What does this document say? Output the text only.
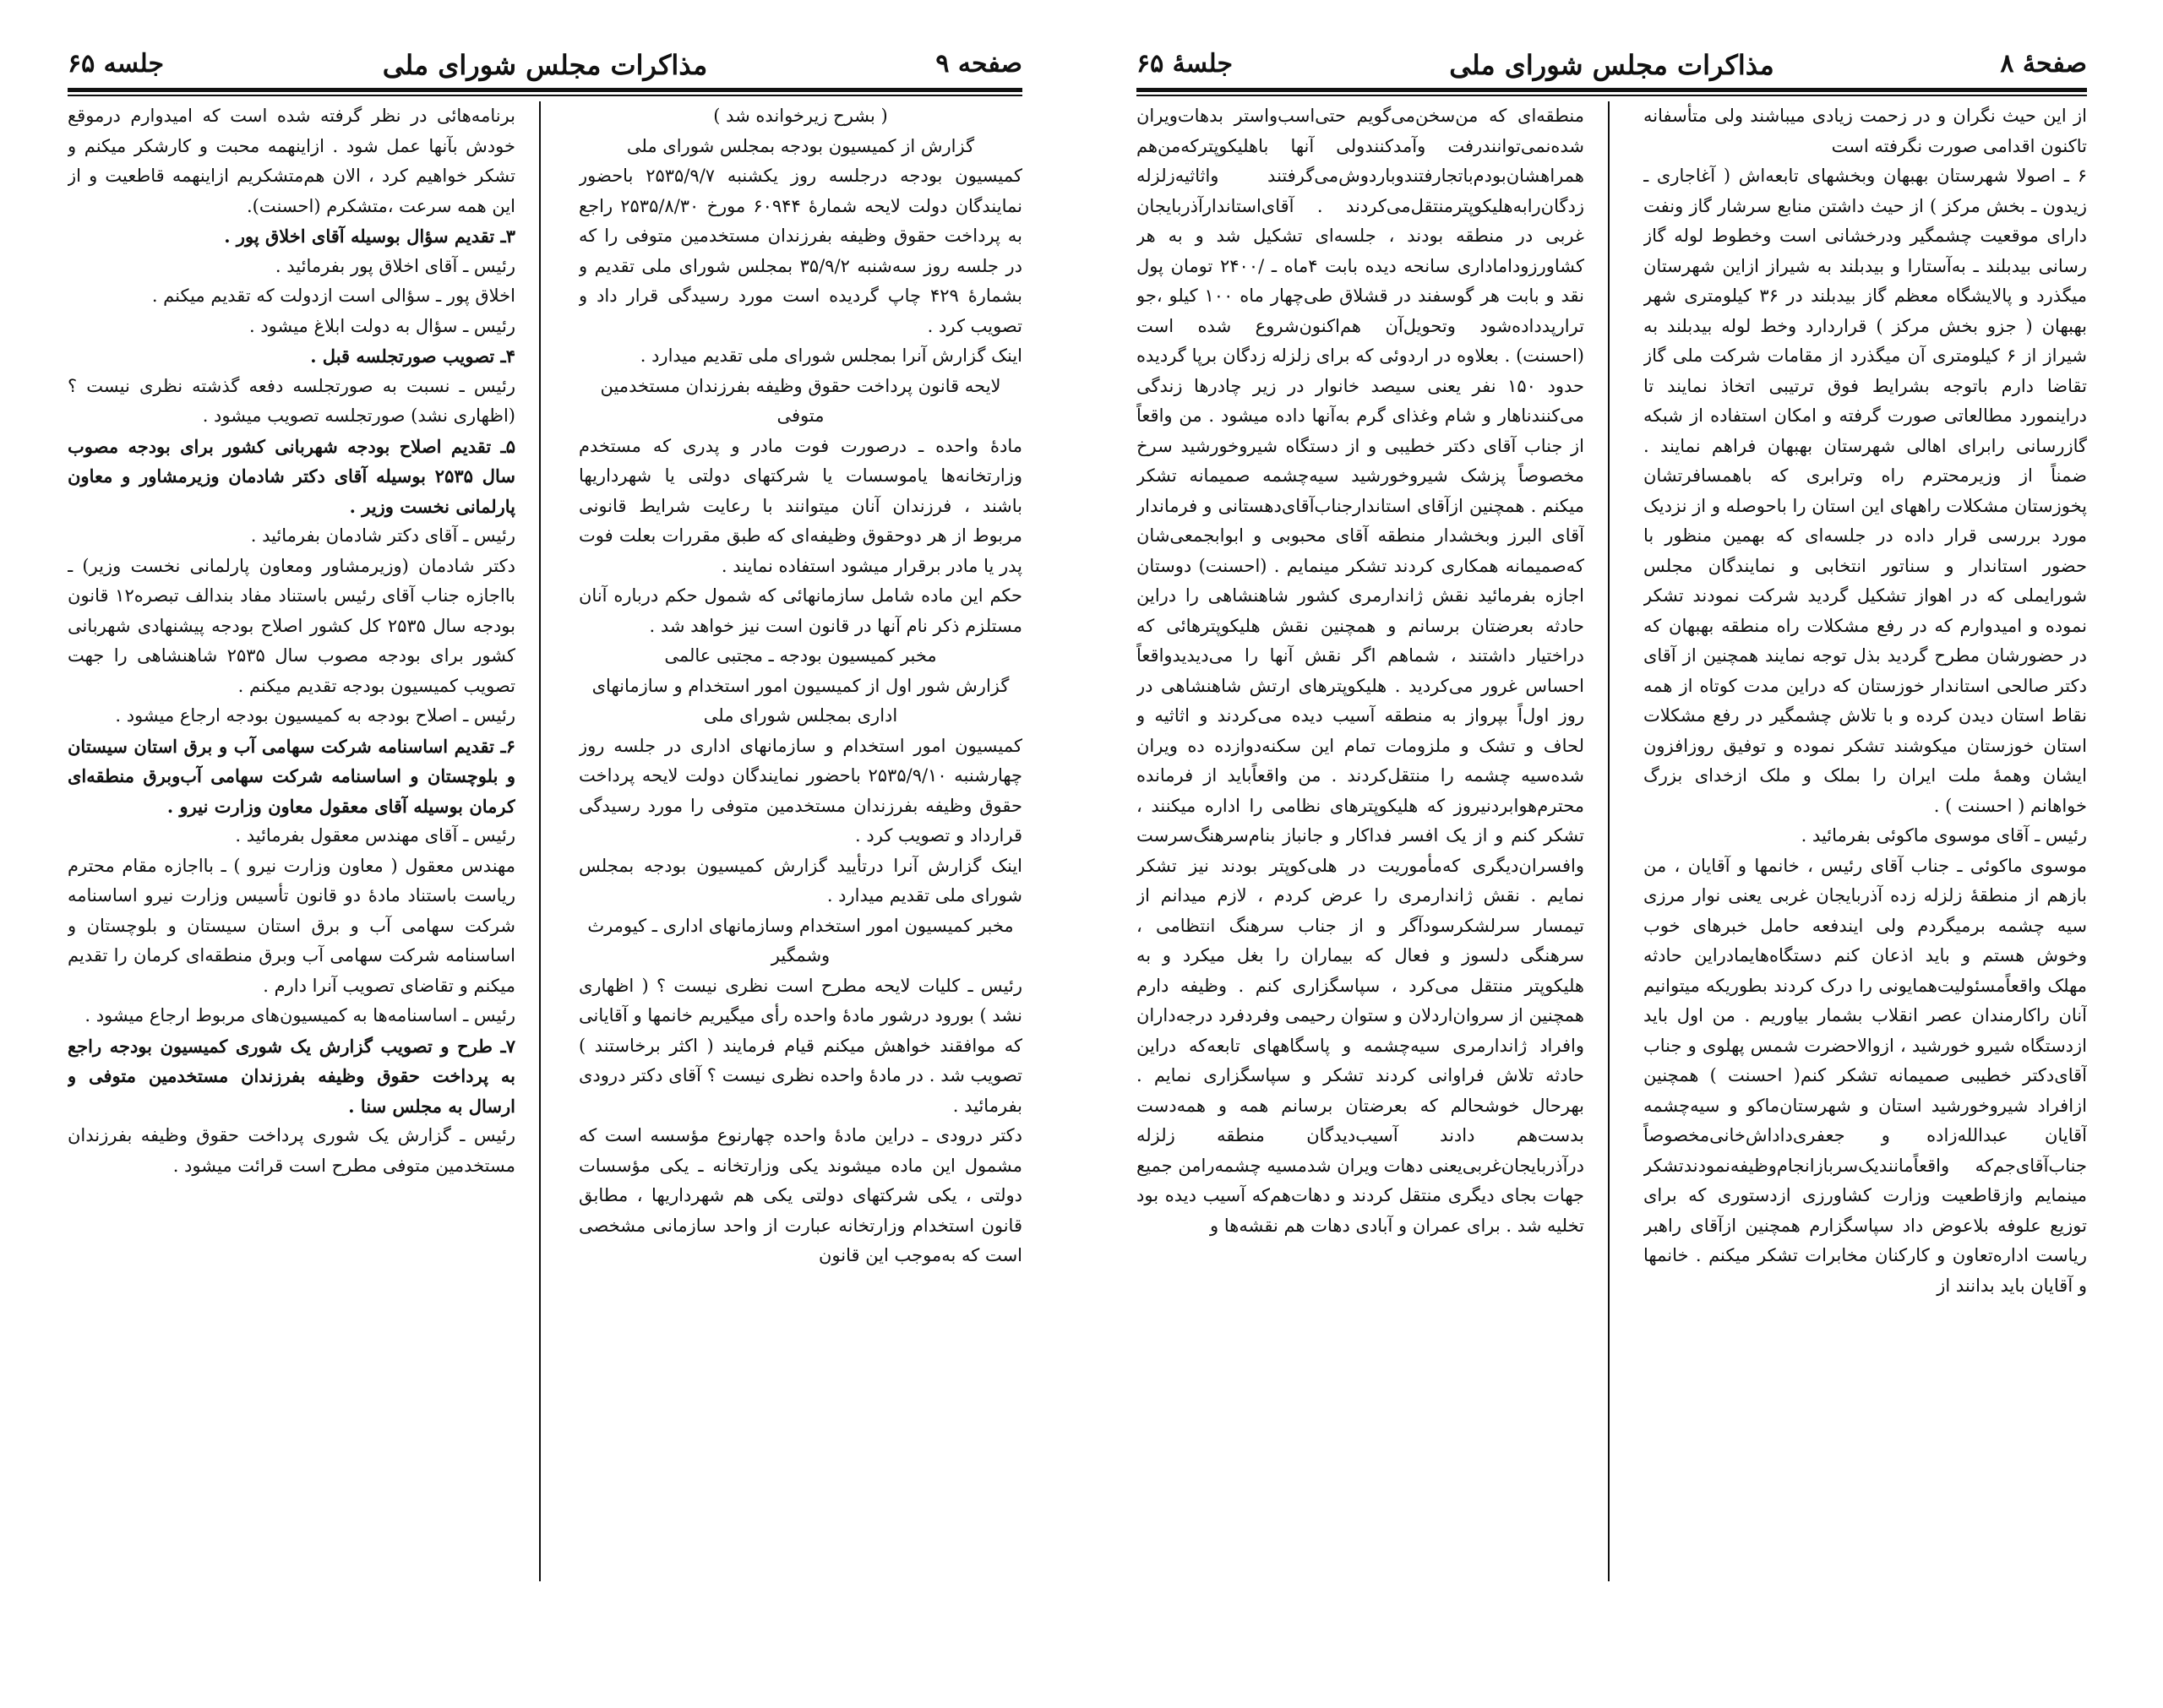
صفحه ۹
مذاکرات مجلس شورای ملی
جلسه ۶۵

( بشرح زیرخوانده شد )

گزارش از کمیسیون بودجه بمجلس شورای ملی

کمیسیون بودجه درجلسه روز یکشنبه ۲۵۳۵/۹/۷ باحضور نمایندگان دولت لایحه شمارهٔ ۶۰۹۴۴ مورخ ۲۵۳۵/۸/۳۰ راجع به پرداخت حقوق وظیفه بفرزندان مستخدمین متوفی را که در جلسه روز سه‌شنبه ۳۵/۹/۲ بمجلس شورای ملی تقدیم و بشمارهٔ ۴۲۹ چاپ گردیده است مورد رسیدگی قرار داد و تصویب کرد .

اینک گزارش آنرا بمجلس شورای ملی تقدیم میدارد .

لایحه قانون پرداخت حقوق وظیفه بفرزندان مستخدمین متوفی

مادهٔ واحده ـ درصورت فوت مادر و پدری که مستخدم وزارتخانه‌ها یاموسسات یا شرکتهای دولتی یا شهرداریها باشند ، فرزندان آنان میتوانند با رعایت شرایط قانونی مربوط از هر دوحقوق وظیفه‌ای که طبق مقررات بعلت فوت پدر یا مادر برقرار میشود استفاده نمایند .

حکم این ماده شامل سازمانهائی که شمول حکم درباره آنان مستلزم ذکر نام آنها در قانون است نیز خواهد شد .

مخبر کمیسیون بودجه ـ مجتبی عالمی

گزارش شور اول از کمیسیون امور استخدام و سازمانهای اداری بمجلس شورای ملی

کمیسیون امور استخدام و سازمانهای اداری در جلسه روز چهارشنبه ۲۵۳۵/۹/۱۰ باحضور نمایندگان دولت لایحه پرداخت حقوق وظیفه بفرزندان مستخدمین متوفی را مورد رسیدگی قرارداد و تصویب کرد .

اینک گزارش آنرا درتأیید گزارش کمیسیون بودجه بمجلس شورای ملی تقدیم میدارد .

مخبر کمیسیون امور استخدام وسازمانهای اداری ـ کیومرث وشمگیر

رئیس ـ کلیات لایحه مطرح است نظری نیست ؟ ( اظهاری نشد ) بورود درشور مادهٔ واحده رأی میگیریم خانمها و آقایانی که موافقند خواهش میکنم قیام فرمایند ( اکثر برخاستند ) تصویب شد . در مادهٔ واحده نظری نیست ؟ آقای دکتر درودی بفرمائید .

دکتر درودی ـ دراین مادهٔ واحده چهارنوع مؤسسه است که مشمول این ماده میشوند یکی وزارتخانه ـ یکی مؤسسات دولتی ، یکی شرکتهای دولتی یکی هم شهرداریها ، مطابق قانون استخدام وزارتخانه عبارت از واحد سازمانی مشخصی است که به‌موجب این قانون

برنامه‌هائی در نظر گرفته شده است که امیدوارم درموقع خودش بآنها عمل شود . ازاینهمه محبت و کارشکر میکنم و تشکر خواهیم کرد ، الان هم‌متشکریم ازاینهمه قاطعیت و از این همه سرعت ،متشکرم (احسنت).

۳ـ تقدیم سؤال بوسیله آقای اخلاق پور .

رئیس ـ آقای اخلاق پور بفرمائید .

اخلاق پور ـ سؤالی است ازدولت که تقدیم میکنم .

رئیس ـ سؤال به دولت ابلاغ میشود .

۴ـ تصویب صورتجلسه قبل .

رئیس ـ نسبت به صورتجلسه دفعه گذشته نظری نیست ؟(اظهاری نشد) صورتجلسه تصویب میشود .

۵ـ تقدیم اصلاح بودجه شهربانی کشور برای بودجه مصوب سال ۲۵۳۵ بوسیله آقای دکتر شادمان وزیرمشاور و معاون پارلمانی نخست وزیر .

رئیس ـ آقای دکتر شادمان بفرمائید .

دکتر شادمان (وزیرمشاور ومعاون پارلمانی نخست وزیر) ـ بااجازه جناب آقای رئیس باستناد مفاد بندالف تبصره۱۲ قانون بودجه سال ۲۵۳۵ کل کشور اصلاح بودجه پیشنهادی شهربانی کشور برای بودجه مصوب سال ۲۵۳۵ شاهنشاهی را جهت تصویب کمیسیون بودجه تقدیم میکنم .

رئیس ـ اصلاح بودجه به کمیسیون بودجه ارجاع میشود .

۶ـ تقدیم اساسنامه شرکت سهامی آب و برق استان سیستان و بلوچستان و اساسنامه شرکت سهامی آب‌وبرق منطقه‌ای کرمان بوسیله آقای معقول معاون وزارت نیرو .

رئیس ـ آقای مهندس معقول بفرمائید .

مهندس معقول ( معاون وزارت نیرو ) ـ بااجازه مقام محترم ریاست باستناد مادهٔ دو قانون تأسیس وزارت نیرو اساسنامه شرکت سهامی آب و برق استان سیستان و بلوچستان و اساسنامه شرکت سهامی آب وبرق منطقه‌ای کرمان را تقدیم میکنم و تقاضای تصویب آنرا دارم .

رئیس ـ اساسنامه‌ها به کمیسیون‌های مربوط ارجاع میشود .

۷ـ طرح و تصویب گزارش یک شوری کمیسیون بودجه راجع به پرداخت حقوق وظیفه بفرزندان مستخدمین متوفی و ارسال به مجلس سنا .

رئیس ـ گزارش یک شوری پرداخت حقوق وظیفه بفرزندان مستخدمین متوفی مطرح است قرائت میشود .

صفحهٔ ۸
مذاکرات مجلس شورای ملی
جلسهٔ ۶۵

از این حیث نگران و در زحمت زیادی میباشند ولی متأسفانه تاکنون اقدامی صورت نگرفته است

۶ ـ اصولا شهرستان بهبهان وبخشهای تابعه‌اش ( آغاجاری ـ زیدون ـ بخش مرکز ) از حیث داشتن منابع سرشار گاز ونفت دارای موقعیت چشمگیر ودرخشانی است وخطوط لوله گاز رسانی بیدبلند ـ به‌آستارا و بیدبلند به شیراز ازاین شهرستان میگذرد و پالایشگاه معظم گاز بیدبلند در ۳۶ کیلومتری شهر بهبهان ( جزو بخش مرکز ) قراردارد وخط لوله بیدبلند به شیراز از ۶ کیلومتری آن میگذرد از مقامات شرکت ملی گاز تقاضا دارم باتوجه بشرایط فوق ترتیبی اتخاذ نمایند تا دراینمورد مطالعاتی صورت گرفته و امکان استفاده از شبکه گازرسانی رابرای اهالی شهرستان بهبهان فراهم نمایند . ضمناً از وزیرمحترم راه وترابری که باهمسافرتشان پخوزستان مشکلات راههای این استان را باحوصله و از نزدیک مورد بررسی قرار داده در جلسه‌ای که بهمین منظور با حضور استاندار و سناتور انتخابی و نمایندگان مجلس شورایملی که در اهواز تشکیل گردید شرکت نمودند تشکر نموده و امیدوارم که در رفع مشکلات راه منطقه بهبهان که در حضورشان مطرح گردید بذل توجه نمایند همچنین از آقای دکتر صالحی استاندار خوزستان که دراین مدت کوتاه از همه نقاط استان دیدن کرده و با تلاش چشمگیر در رفع مشکلات استان خوزستان میکوشند تشکر نموده و توفیق روزافزون ایشان وهمهٔ ملت ایران را بملک و ملک ازخدای بزرگ خواهانم ( احسنت ) .

رئیس ـ آقای موسوی ماکوئی بفرمائید .

موسوی ماکوئی ـ جناب آقای رئیس ، خانمها و آقایان ، من بازهم از منطقهٔ زلزله زده آذربایجان غربی یعنی نوار مرزی سیه چشمه برمیگردم ولی ایندفعه حامل خبرهای خوب وخوش هستم و باید اذعان کنم دستگاه‌هایمادراین حادثه مهلک واقعاًمسئولیت‌همایونی را درک کردند بطوریکه میتوانیم آنان راکارمندان عصر انقلاب بشمار بیاوریم . من اول باید ازدستگاه شیرو خورشید ، ازوالاحضرت شمس پهلوی و جناب آقای‌دکتر خطیبی صمیمانه تشکر کنم( احسنت ) همچنین ازافراد شیروخورشید استان و شهرستان‌ماکو و سیه‌چشمه آقایان عبدالله‌زاده و جعفری‌داداش‌خانی‌مخصوصاً جناب‌آقای‌جم‌که واقعاًمانندیک‌سرباز‌انجام‌وظیفه‌نمودند‌تشکر مینمایم وازقاطعیت وزارت کشاورزی ازدستوری که برای توزیع علوفه بلاعوض داد سپاسگزارم همچنین ازآقای راهبر ریاست اداره‌تعاون و کارکنان مخابرات تشکر میکنم . خانمها و آقایان باید بدانند از

منطقه‌ای که من‌سخن‌می‌گویم حتی‌اسب‌واستر بدهات‌ویران شده‌نمی‌توانندرفت وآمدکنندولی آنها باهلیکوپترکه‌من‌هم همراهشان‌بودم‌باتجارفتندوباردوش‌می‌گرفتند واثاثیه‌زلزله زدگان‌رابه‌هلیکوپترمنتقل‌می‌کردند . آقای‌استاندارآذربایجان غربی در منطقه بودند ، جلسه‌ای تشکیل شد و به هر کشاورزوداماداری سانحه دیده بابت ۴ماه ـ /۲۴۰۰ تومان پول نقد و بابت هر گوسفند در قشلاق طی‌چهار ماه ۱۰۰ کیلو ،جو ترارپدداده‌شود وتحویل‌آن هم‌اکنون‌شروع شده است (احسنت) . بعلاوه در اردوئی که برای زلزله زدگان برپا گردیده حدود ۱۵۰ نفر یعنی سیصد خانوار در زیر چادرها زندگی می‌کنندناهار و شام وغذای گرم به‌آنها داده میشود . من واقعاً از جناب آقای دکتر خطیبی و از دستگاه شیروخورشید سرخ مخصوصاً پزشک شیروخورشید سیه‌چشمه صمیمانه تشکر میکنم . همچنین ازآقای استاندارجناب‌آقای‌دهستانی و فرماندار آقای البرز وبخشدار منطقه آقای محبوبی و ابوابجمعی‌شان که‌صمیمانه همکاری کردند تشکر مینمایم . (احسنت) دوستان اجازه بفرمائید نقش ژاندارمری کشور شاهنشاهی را دراین حادثه بعرضتان برسانم و همچنین نقش هلیکوپترهائی که دراختیار داشتند ، شماهم اگر نقش آنها را می‌دیدیدواقعاً احساس غرور می‌کردید . هلیکوپترهای ارتش شاهنشاهی در روز اول‌اً بپرواز به منطقه آسیب دیده می‌کردند و اثاثیه و لحاف و تشک و ملزومات تمام این سکنه‌دوازده ده ویران شده‌سیه چشمه را منتقل‌کردند . من واقعاًباید از فرمانده محترم‌هوابردنیروز که هلیکوپترهای نظامی را اداره میکنند ، تشکر کنم و از یک افسر فداکار و جانباز بنام‌سرهنگ‌سرست وافسران‌دیگری که‌مأموریت در هلی‌کوپتر بودند نیز تشکر نمایم . نقش ژاندارمری را عرض کردم ، لازم میدانم از تیمسار سرلشکرسودآگر و از جناب سرهنگ انتظامی ، سرهنگی دلسوز و فعال که بیماران را بغل میکرد و به هلیکوپتر منتقل می‌کرد ، سپاسگزاری کنم . وظیفه دارم همچنین از سروان‌اردلان و ستوان رحیمی وفردفرد درجه‌داران وافراد ژاندارمری سیه‌چشمه و پاسگاههای تابعه‌که دراین حادثه تلاش فراوانی کردند تشکر و سپاسگزاری نمایم . بهرحال خوشحالم که بعرضتان برسانم همه و همه‌دست بدست‌هم دادند آسیب‌دیدگان منطقه زلزله درآذربایجان‌غربی‌یعنی دهات ویران شدمسیه چشمه‌رامن جمیع جهات بجای دیگری منتقل کردند و دهات‌هم‌که آسیب دیده بود تخلیه شد . برای عمران و آبادی دهات هم نقشه‌ها و
